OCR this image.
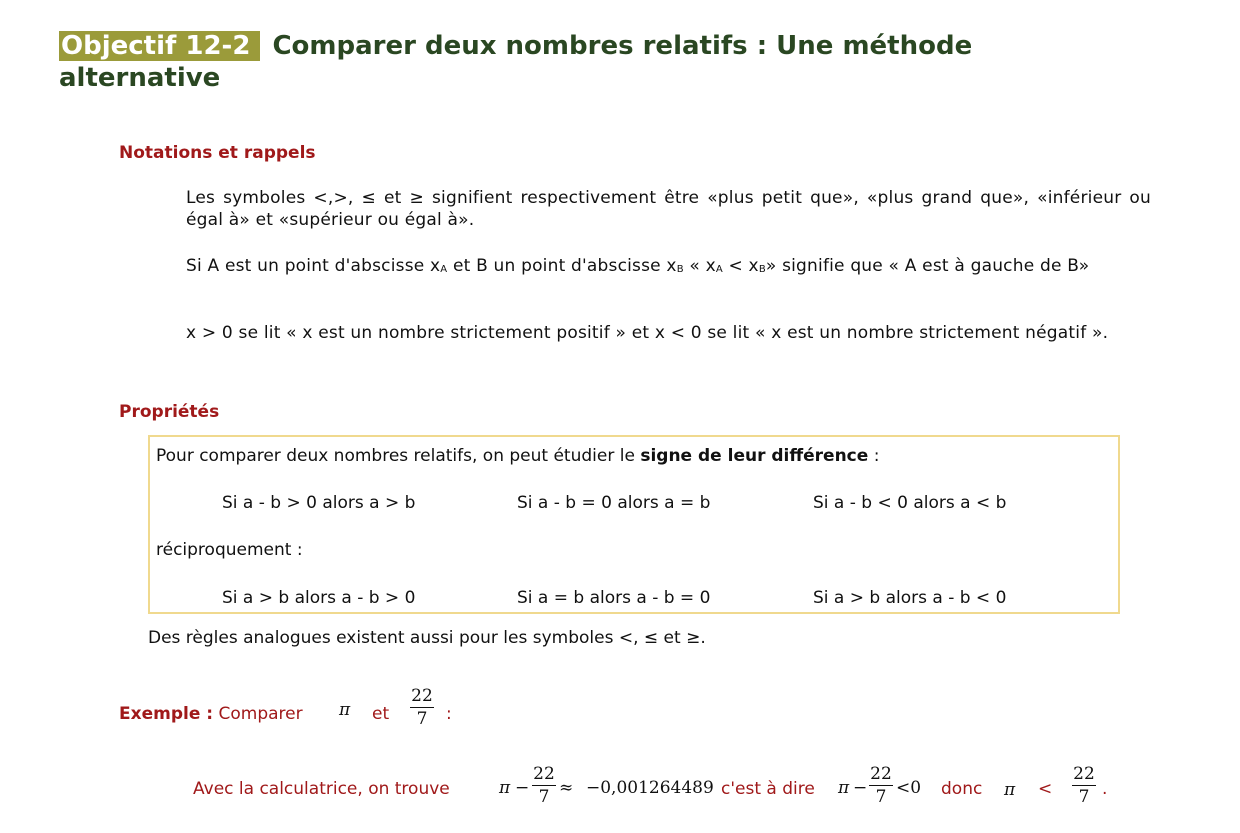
Objectif 12-2 Comparer deux nombres relatifs : Une méthode alternative
Notations et rappels
Les symboles <,>, ≤ et ≥ signifient respectivement être «plus petit que», «plus grand que», «inférieur ou égal à» et «supérieur ou égal à».
Si A est un point d'abscisse $x_A$ et B un point d'abscisse $x_B$ « $x_A < x_B$» signifie que « A est à gauche de B»
x > 0 se lit « x est un nombre strictement positif » et x < 0 se lit « x est un nombre strictement négatif ».
Propriétés
Pour comparer deux nombres relatifs, on peut étudier le signe de leur différence :
Si a - b > 0 alors a > b	Si a - b = 0 alors a = b	Si a - b < 0 alors a < b
réciproquement :
Si a > b alors a - b > 0	Si a = b alors a - b = 0	Si a > b alors a - b < 0
Des règles analogues existent aussi pour les symboles <, ≤ et ≥.
Exemple : Comparer π et
22
7	:
Avec la calculatrice, on trouve	π −
22
7 ≈ −0,001264489 c'est à dire π −
22
7 <0 donc π <
22
7 .
